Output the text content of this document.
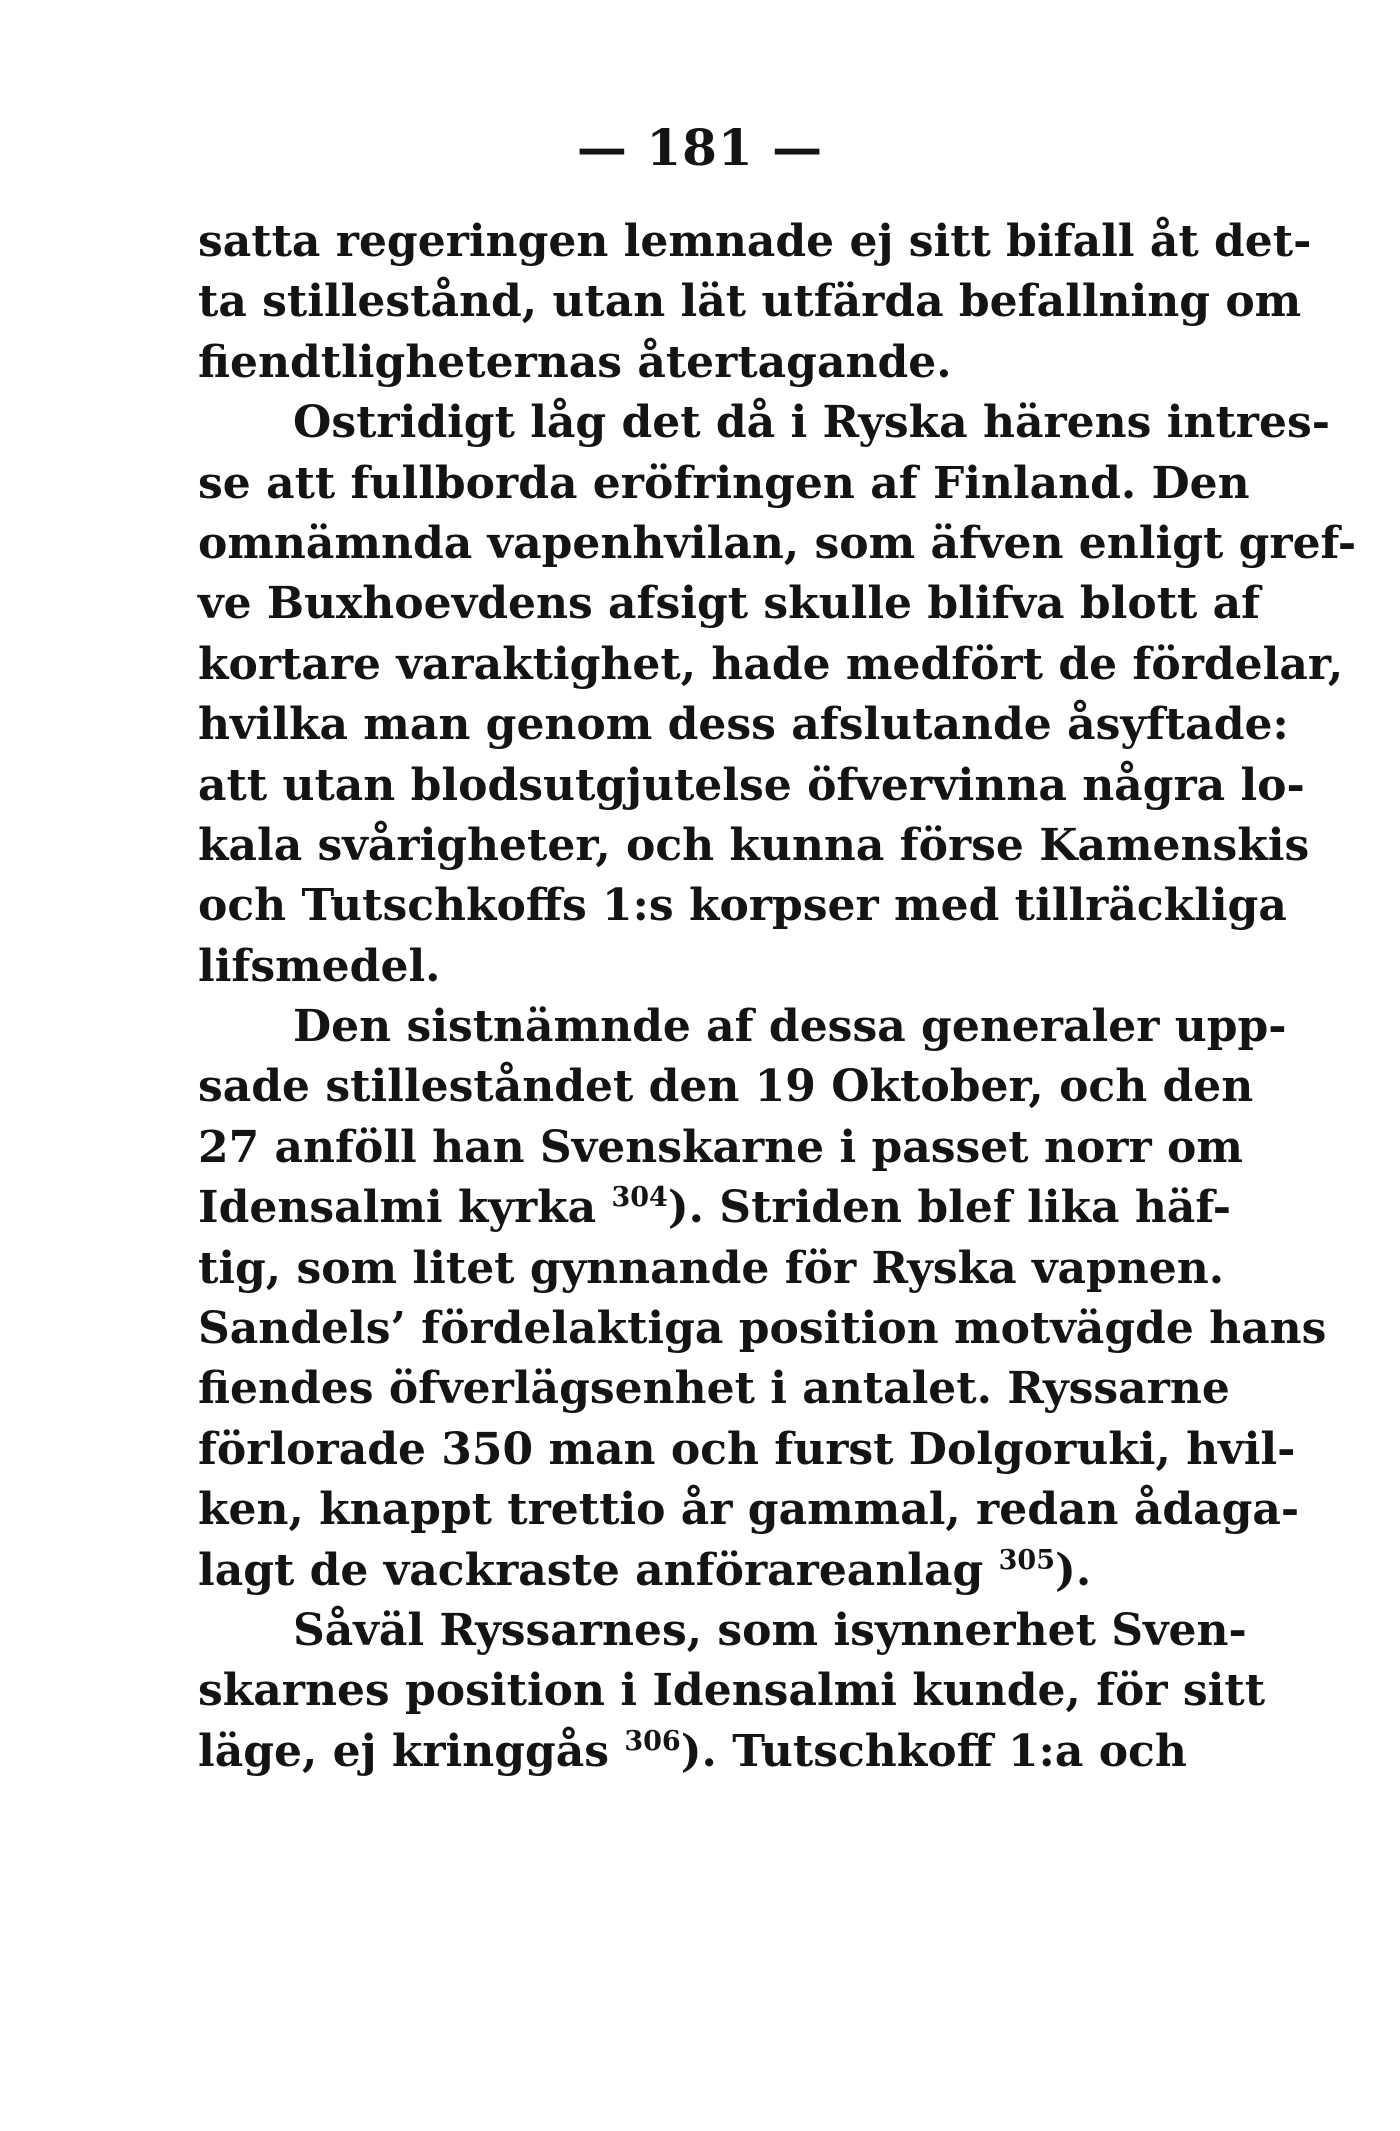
— 181 —
satta regeringen lemnade ej sitt bifall åt det-
ta stillestånd, utan lät utfärda befallning om
fiendtligheternas återtagande.
Ostridigt låg det då i Ryska härens intres-
se att fullborda eröfringen af Finland. Den
omnämnda vapenhvilan, som äfven enligt gref-
ve Buxhoevdens afsigt skulle blifva blott af
kortare varaktighet, hade medfört de fördelar,
hvilka man genom dess afslutande åsyftade:
att utan blodsutgjutelse öfvervinna några lo-
kala svårigheter, och kunna förse Kamenskis
och Tutschkoffs 1:s korpser med tillräckliga
lifsmedel.
Den sistnämnde af dessa generaler upp-
sade stilleståndet den 19 Oktober, och den
27 anföll han Svenskarne i passet norr om
Idensalmi kyrka $^{304}$). Striden blef lika häf-
tig, som litet gynnande för Ryska vapnen.
Sandels’ fördelaktiga position motvägde hans
fiendes öfverlägsenhet i antalet. Ryssarne
förlorade 350 man och furst Dolgoruki, hvil-
ken, knappt trettio år gammal, redan ådaga-
lagt de vackraste anförareanlag $^{305}$).
Såväl Ryssarnes, som isynnerhet Sven-
skarnes position i Idensalmi kunde, för sitt
läge, ej kringgås $^{306}$). Tutschkoff 1:a och
